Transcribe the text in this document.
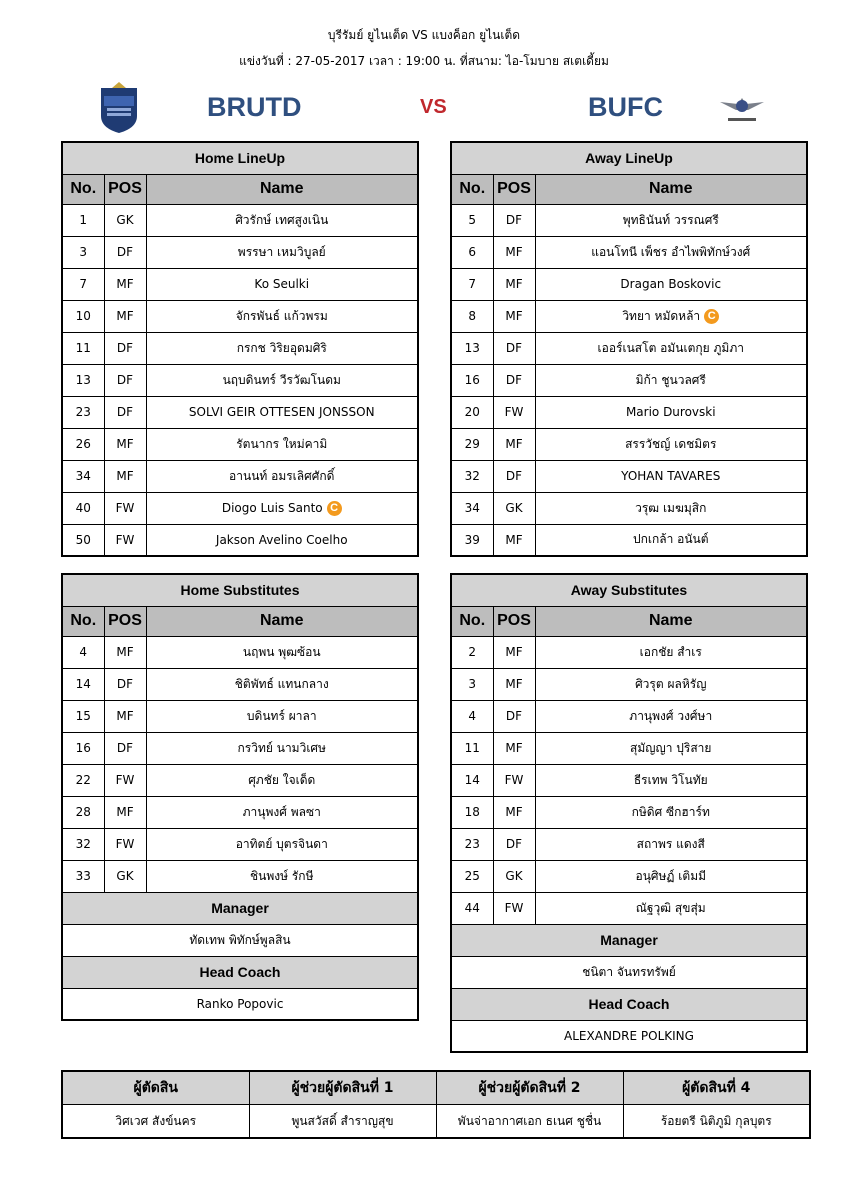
บุรีรัมย์ ยูไนเต็ด VS แบงค็อก ยูไนเต็ด
แข่งวันที่ : 27-05-2017 เวลา : 19:00 น. ที่สนาม: ไอ-โมบาย สเตเดี้ยม
BRUTD	VS	BUFC
Home LineUp		
No.	POS	Name
1	GK	ศิวรักษ์ เทศสูงเนิน
3	DF	พรรษา เหมวิบูลย์
7	MF	Ko Seulki
10	MF	จักรพันธ์ แก้วพรม
11	DF	กรกช วิริยอุดมศิริ
13	DF	นฤบดินทร์ วีรวัฒโนดม
23	DF	SOLVI GEIR OTTESEN JONSSON
26	MF	รัตนากร ใหม่คามิ
34	MF	อานนท์ อมรเลิศศักดิ์
40	FW	Diogo Luis Santo C
50	FW	Jakson Avelino Coelho
Away LineUp		
No.	POS	Name
5	DF	พุทธินันท์ วรรณศรี
6	MF	แอนโทนี เพ็ชร อำไพพิทักษ์วงศ์
7	MF	Dragan Boskovic
8	MF	วิทยา หมัดหล้า C
13	DF	เออร์เนสโต อมันเตกุย ภูมิภา
16	DF	มิก้า ชูนวลศรี
20	FW	Mario Durovski
29	MF	สรรวัชญ์ เดชมิตร
32	DF	YOHAN TAVARES
34	GK	วรุฒ เมฆมุสิก
39	MF	ปกเกล้า อนันต์
Home Substitutes		
No.	POS	Name
4	MF	นฤพน พุฒซ้อน
14	DF	ชิติพัทธ์ แทนกลาง
15	MF	บดินทร์ ผาลา
16	DF	กรวิทย์ นามวิเศษ
22	FW	ศุภชัย ใจเด็ด
28	MF	ภานุพงศ์ พลซา
32	FW	อาทิตย์ บุตรจินดา
33	GK	ชินพงษ์ รักษี
Manager		
ทัดเทพ พิทักษ์พูลสิน		
Head Coach		
Ranko Popovic		
Away Substitutes		
No.	POS	Name
2	MF	เอกชัย สำเร
3	MF	ศิวรุต ผลหิรัญ
4	DF	ภานุพงศ์ วงศ์ษา
11	MF	สุมัญญา ปุริสาย
14	FW	ธีรเทพ วิโนทัย
18	MF	กษิดิศ ซีกฮาร์ท
23	DF	สถาพร แดงสี
25	GK	อนุศิษฏ์ เติมมี
44	FW	ณัฐวุฒิ สุขสุ่ม
Manager		
ชนิตา จันทรทรัพย์		
Head Coach		
ALEXANDRE POLKING		
ผู้ตัดสิน	ผู้ช่วยผู้ตัดสินที่ 1	ผู้ช่วยผู้ตัดสินที่ 2	ผู้ตัดสินที่ 4
วิศเวศ สังข์นคร	พูนสวัสดิ์ สำราญสุข	พันจ่าอากาศเอก ธเนศ ชูชื่น	ร้อยตรี นิติภูมิ กุลบุตร
